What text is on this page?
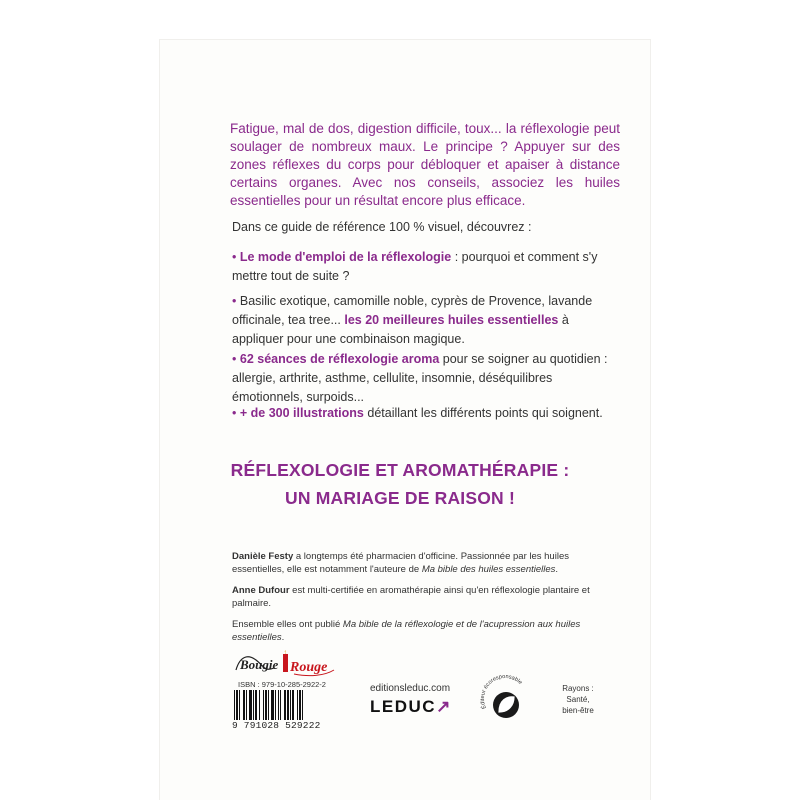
Fatigue, mal de dos, digestion difficile, toux... la réflexologie peut soulager de nombreux maux. Le principe ? Appuyer sur des zones réflexes du corps pour débloquer et apaiser à distance certains organes. Avec nos conseils, associez les huiles essentielles pour un résultat encore plus efficace.
Dans ce guide de référence 100 % visuel, découvrez :
• Le mode d'emploi de la réflexologie : pourquoi et comment s'y mettre tout de suite ?
• Basilic exotique, camomille noble, cyprès de Provence, lavande officinale, tea tree... les 20 meilleures huiles essentielles à appliquer pour une combinaison magique.
• 62 séances de réflexologie aroma pour se soigner au quotidien : allergie, arthrite, asthme, cellulite, insomnie, déséquilibres émotionnels, surpoids...
• + de 300 illustrations détaillant les différents points qui soignent.
RÉFLEXOLOGIE ET AROMATHÉRAPIE :
UN MARIAGE DE RAISON !
Danièle Festy a longtemps été pharmacien d'officine. Passionnée par les huiles essentielles, elle est notamment l'auteure de Ma bible des huiles essentielles.
Anne Dufour est multi-certifiée en aromathérapie ainsi qu'en réflexologie plantaire et palmaire.
Ensemble elles ont publié Ma bible de la réflexologie et de l'acupression aux huiles essentielles.
Bougie Rouge
ISBN : 979-10-285-2922-2
9 791028 529222
editionsleduc.com
LEDUC↗	Éditeur écoresponsable
Rayons :
Santé,
bien-être
